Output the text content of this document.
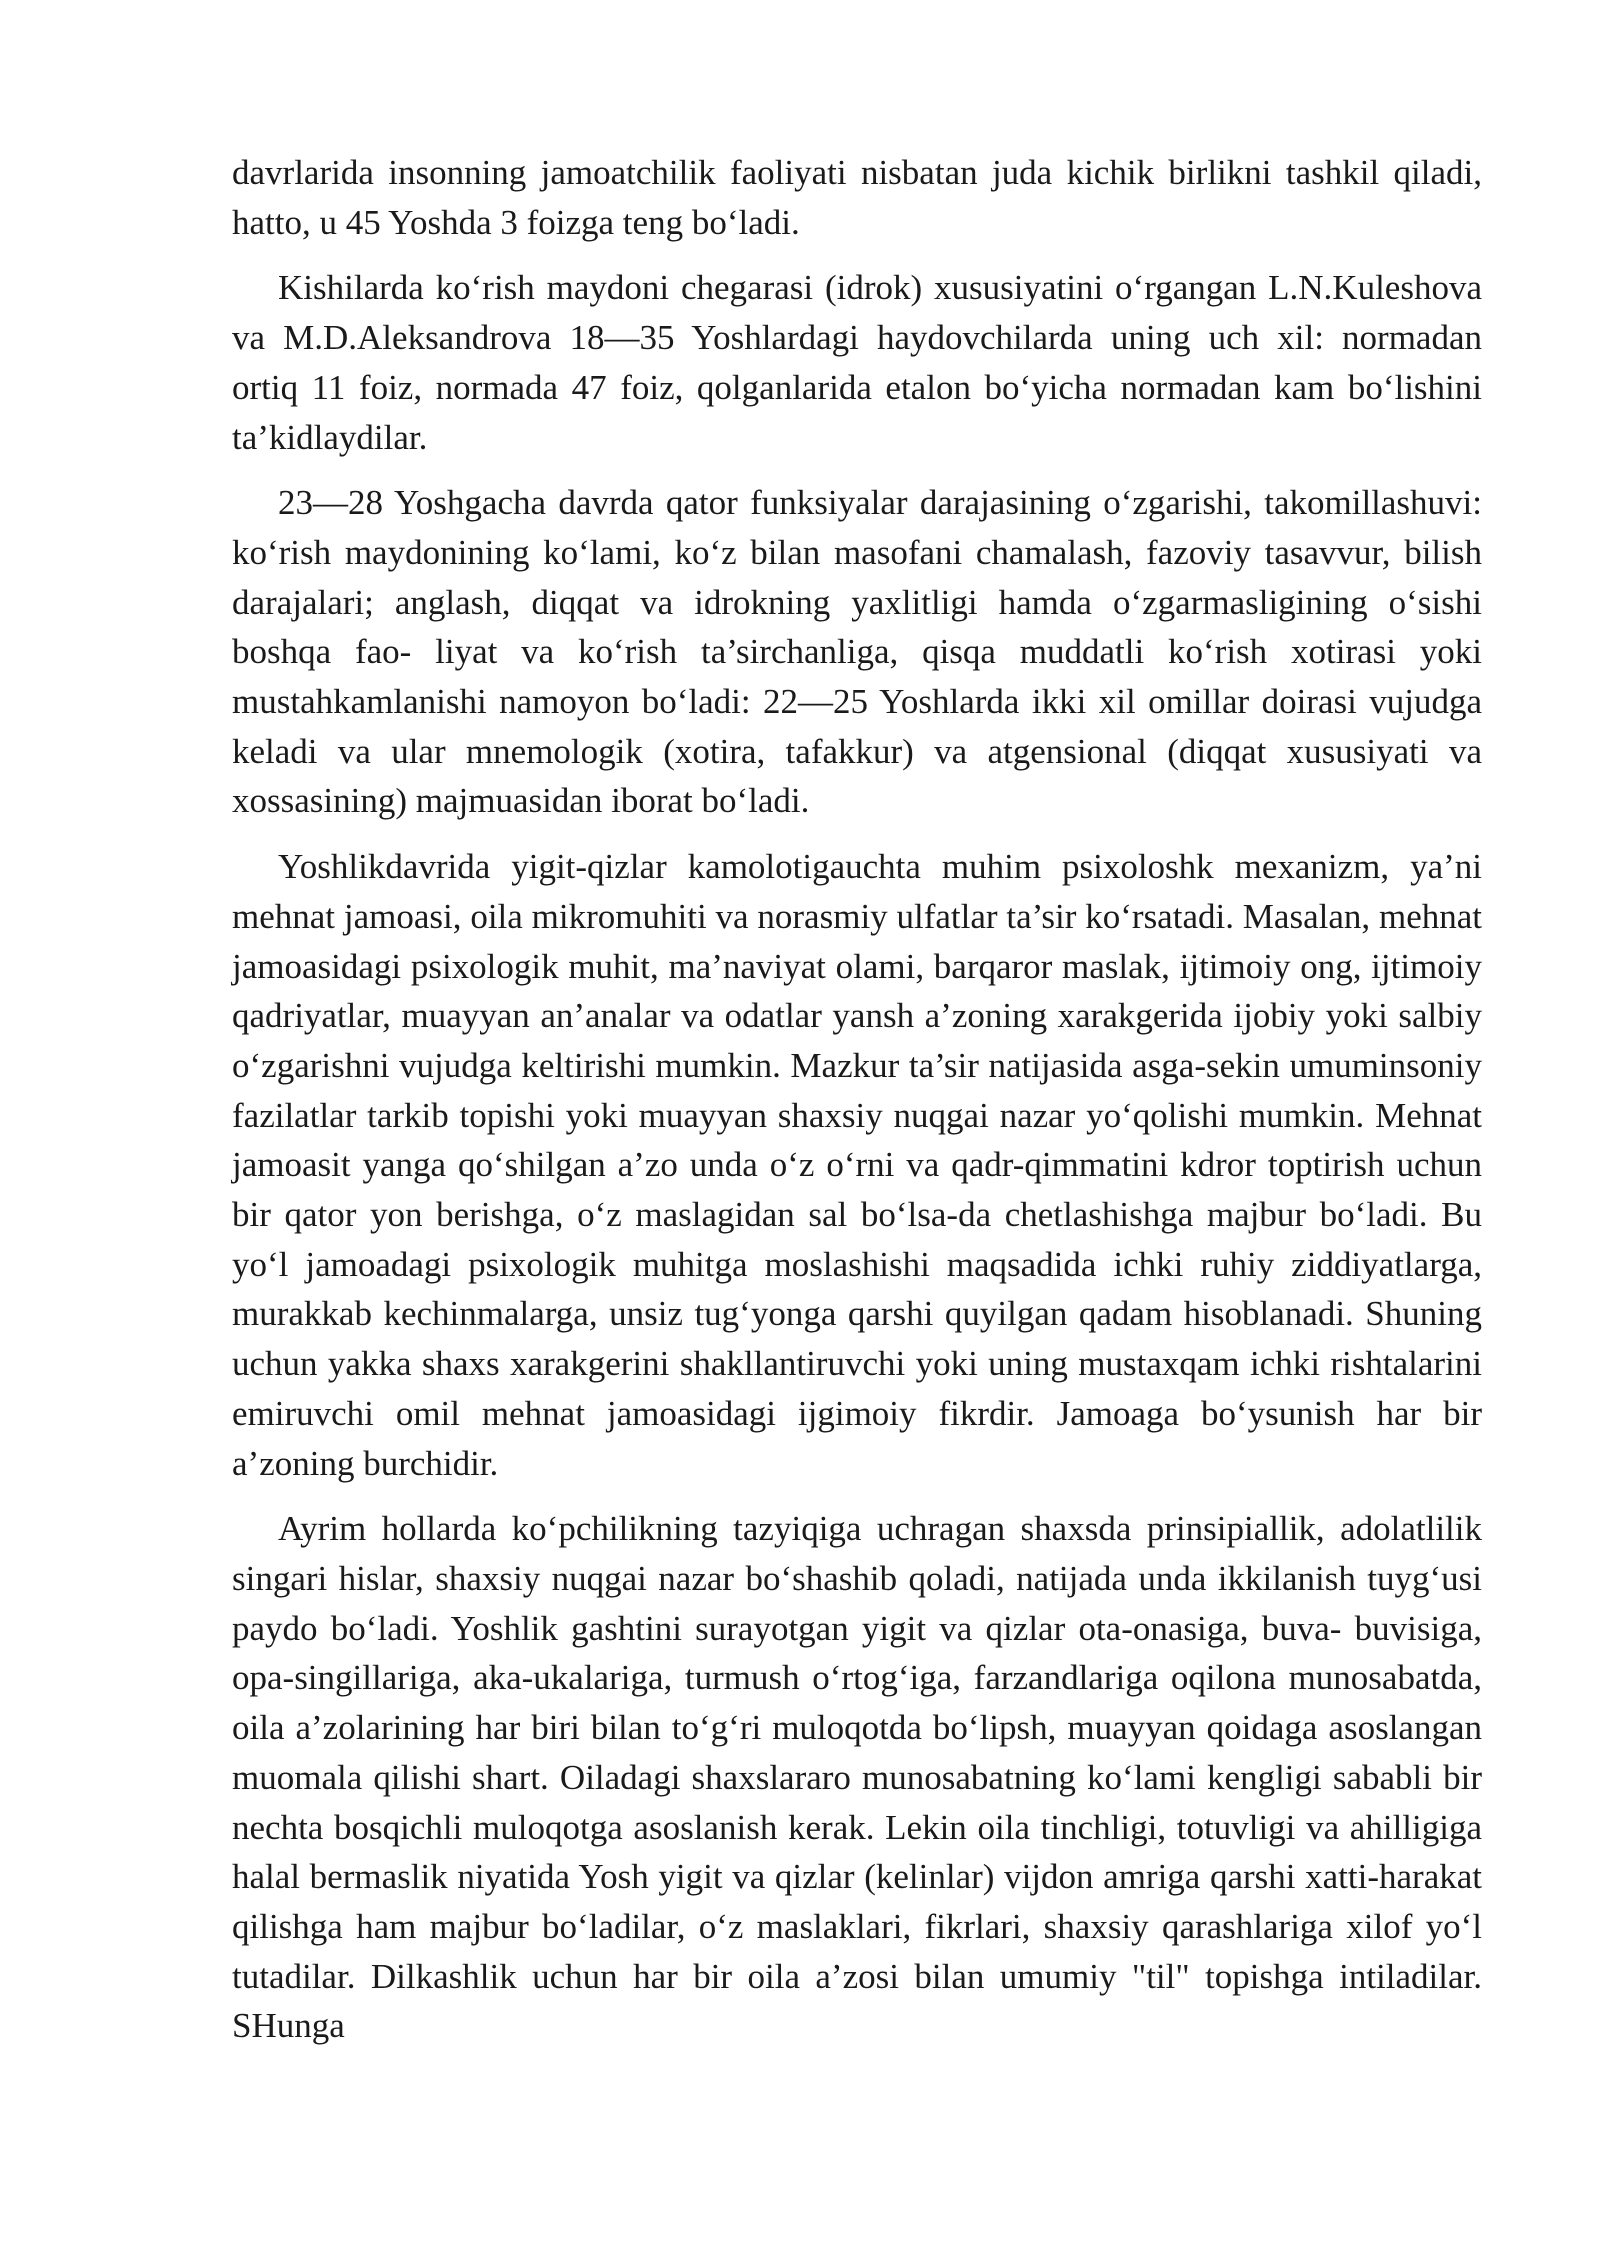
davrlarida insonning jamoatchilik faoliyati nisbatan juda kichik birlikni tashkil qiladi, hatto, u 45 Yoshda 3 foizga teng bo‘ladi.

Kishilarda ko‘rish maydoni chegarasi (idrok) xususiyatini o‘rgangan L.N.Kuleshova va M.D.Aleksandrova 18—35 Yoshlardagi haydovchilarda uning uch xil: normadan ortiq 11 foiz, normada 47 foiz, qolganlarida etalon bo‘yicha normadan kam bo‘lishini ta’kidlaydilar.

23—28 Yoshgacha davrda qator funksiyalar darajasining o‘zgarishi, takomillashuvi: ko‘rish maydonining ko‘lami, ko‘z bilan masofani chamalash, fazoviy tasavvur, bilish darajalari; anglash, diqqat va idrokning yaxlitligi hamda o‘zgarmasligining o‘sishi boshqa fao- liyat va ko‘rish ta’sirchanliga, qisqa muddatli ko‘rish xotirasi yoki mustahkamlanishi namoyon bo‘ladi: 22—25 Yoshlarda ikki xil omillar doirasi vujudga keladi va ular mnemologik (xotira, tafakkur) va atgensional (diqqat xususiyati va xossasining) majmuasidan iborat bo‘ladi.

Yoshlikdavrida yigit-qizlar kamolotigauchta muhim psixoloshk mexanizm, ya’ni mehnat jamoasi, oila mikromuhiti va norasmiy ulfatlar ta’sir ko‘rsatadi. Masalan, mehnat jamoasidagi psixologik muhit, ma’naviyat olami, barqaror maslak, ijtimoiy ong, ijtimoiy qadriyatlar, muayyan an’analar va odatlar yansh a’zoning xarakgerida ijobiy yoki salbiy o‘zgarishni vujudga keltirishi mumkin. Mazkur ta’sir natijasida asga-sekin umuminsoniy fazilatlar tarkib topishi yoki muayyan shaxsiy nuqgai nazar yo‘qolishi mumkin. Mehnat jamoasit yanga qo‘shilgan a’zo unda o‘z o‘rni va qadr-qimmatini kdror toptirish uchun bir qator yon berishga, o‘z maslagidan sal bo‘lsa-da chetlashishga majbur bo‘ladi. Bu yo‘l jamoadagi psixologik muhitga moslashishi maqsadida ichki ruhiy ziddiyatlarga, murakkab kechinmalarga, unsiz tug‘yonga qarshi quyilgan qadam hisoblanadi. Shuning uchun yakka shaxs xarakgerini shakllantiruvchi yoki uning mustaxqam ichki rishtalarini emiruvchi omil mehnat jamoasidagi ijgimoiy fikrdir. Jamoaga bo‘ysunish har bir a’zoning burchidir.

Ayrim hollarda ko‘pchilikning tazyiqiga uchragan shaxsda prinsipiallik, adolatlilik singari hislar, shaxsiy nuqgai nazar bo‘shashib qoladi, natijada unda ikkilanish tuyg‘usi paydo bo‘ladi. Yoshlik gashtini surayotgan yigit va qizlar ota-onasiga, buva- buvisiga, opa-singillariga, aka-ukalariga, turmush o‘rtog‘iga, farzandlariga oqilona munosabatda, oila a’zolarining har biri bilan to‘g‘ri muloqotda bo‘lipsh, muayyan qoidaga asoslangan muomala qilishi shart. Oiladagi shaxslararo munosabatning ko‘lami kengligi sababli bir nechta bosqichli muloqotga asoslanish kerak. Lekin oila tinchligi, totuvligi va ahilligiga halal bermaslik niyatida Yosh yigit va qizlar (kelinlar) vijdon amriga qarshi xatti-harakat qilishga ham majbur bo‘ladilar, o‘z maslaklari, fikrlari, shaxsiy qarashlariga xilof yo‘l tutadilar. Dilkashlik uchun har bir oila a’zosi bilan umumiy "til" topishga intiladilar. SHunga
